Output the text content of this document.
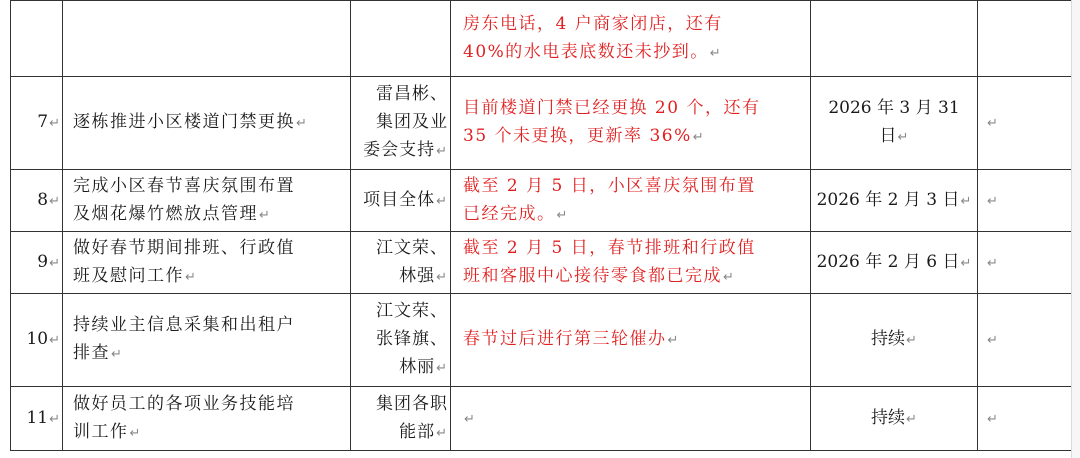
			房东电话，4 户商家闭店，还有
40%的水电表底数还未抄到。↵		

7↵	逐栋推进小区楼道门禁更换↵	雷昌彬、
集团及业
委会支持↵	目前楼道门禁已经更换 20 个，还有
35 个未更换，更新率 36%↵	2026 年 3 月 31
日↵	↵
8↵	完成小区春节喜庆氛围布置
及烟花爆竹燃放点管理↵	项目全体↵	截至 2 月 5 日，小区喜庆氛围布置
已经完成。↵	2026 年 2 月 3 日↵	↵
9↵	做好春节期间排班、行政值
班及慰问工作↵	江文荣、
林强↵	截至 2 月 5 日，春节排班和行政值
班和客服中心接待零食都已完成↵	2026 年 2 月 6 日↵	↵
10↵	持续业主信息采集和出租户
排查↵	江文荣、
张锋旗、
林丽↵	春节过后进行第三轮催办↵	持续↵	↵
11↵	做好员工的各项业务技能培
训工作↵	集团各职
能部↵	↵	持续↵	↵
